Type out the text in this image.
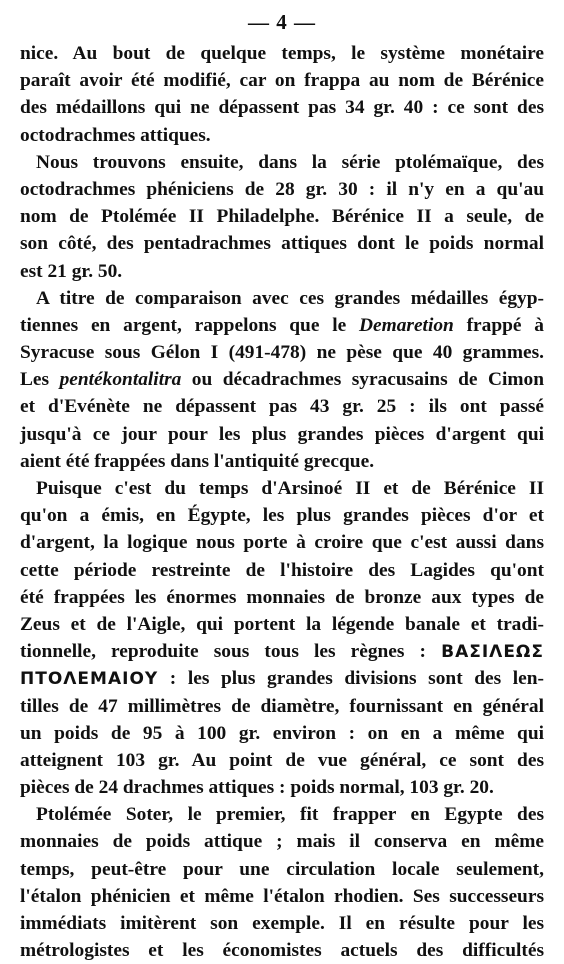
— 4 —
nice. Au bout de quelque temps, le système monétaire
paraît avoir été modifié, car on frappa au nom de Bérénice
des médaillons qui ne dépassent pas 34 gr. 40 : ce sont des
octodrachmes attiques.
Nous trouvons ensuite, dans la série ptolémaïque, des
octodrachmes phéniciens de 28 gr. 30 : il n'y en a qu'au
nom de Ptolémée II Philadelphe. Bérénice II a seule, de
son côté, des pentadrachmes attiques dont le poids normal
est 21 gr. 50.
A titre de comparaison avec ces grandes médailles égyp-
tiennes en argent, rappelons que le Demaretion frappé à
Syracuse sous Gélon I (491-478) ne pèse que 40 grammes.
Les pentékontalitra ou décadrachmes syracusains de Cimon
et d'Evénète ne dépassent pas 43 gr. 25 : ils ont passé
jusqu'à ce jour pour les plus grandes pièces d'argent qui
aient été frappées dans l'antiquité grecque.
Puisque c'est du temps d'Arsinoé II et de Bérénice II
qu'on a émis, en Égypte, les plus grandes pièces d'or et
d'argent, la logique nous porte à croire que c'est aussi dans
cette période restreinte de l'histoire des Lagides qu'ont
été frappées les énormes monnaies de bronze aux types de
Zeus et de l'Aigle, qui portent la légende banale et tradi-
tionnelle, reproduite sous tous les règnes : ΒΑΣΙΛΕΩΣ
ΠΤΟΛΕΜΑΙΟΥ : les plus grandes divisions sont des len-
tilles de 47 millimètres de diamètre, fournissant en général
un poids de 95 à 100 gr. environ : on en a même qui
atteignent 103 gr. Au point de vue général, ce sont des
pièces de 24 drachmes attiques : poids normal, 103 gr. 20.
Ptolémée Soter, le premier, fit frapper en Egypte des
monnaies de poids attique ; mais il conserva en même
temps, peut-être pour une circulation locale seulement,
l'étalon phénicien et même l'étalon rhodien. Ses successeurs
immédiats imitèrent son exemple. Il en résulte pour les
métrologistes et les économistes actuels des difficultés
